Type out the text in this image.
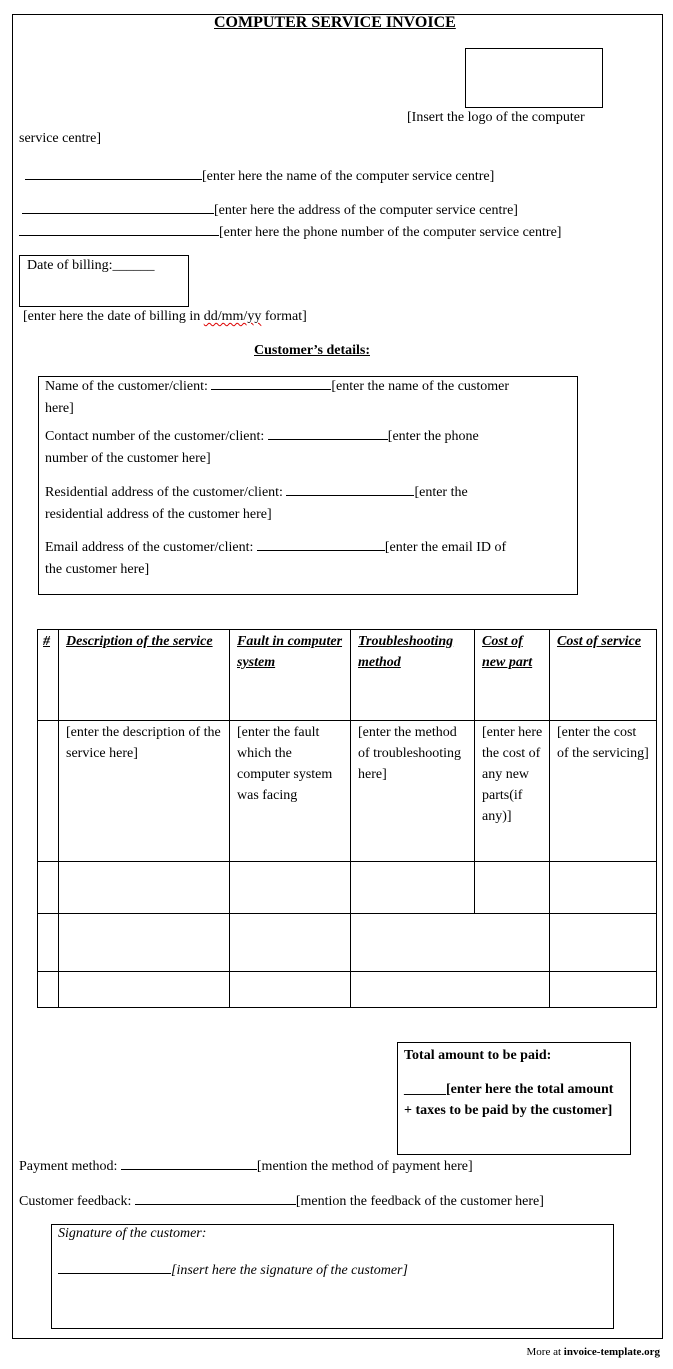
COMPUTER SERVICE INVOICE
[Insert the logo of the computer
service centre]
[enter here the name of the computer service centre]
[enter here the address of the computer service centre]
[enter here the phone number of the computer service centre]
Date of billing:______
[enter here the date of billing in dd/mm/yy format]
Customer’s details:
Name of the customer/client:	[enter the name of the customer
here]
Contact number of the customer/client:	[enter the phone
number of the customer here]
Residential address of the customer/client:	[enter the
residential address of the customer here]
Email address of the customer/client:	[enter the email ID of
the customer here]
#	Description of the service	Fault in computer system	Troubleshooting method	Cost of new part	Cost of service
	[enter the description of the service here]	[enter the fault which the computer system was facing	[enter the method of troubleshooting here]	[enter here the cost of any new parts(if any)]	[enter the cost of the servicing]

Total amount to be paid:
______[enter here the total amount + taxes to be paid by the customer]
Payment method:	[mention the method of payment here]
Customer feedback:	[mention the feedback of the customer here]
Signature of the customer:
[insert here the signature of the customer]
More at invoice-template.org
